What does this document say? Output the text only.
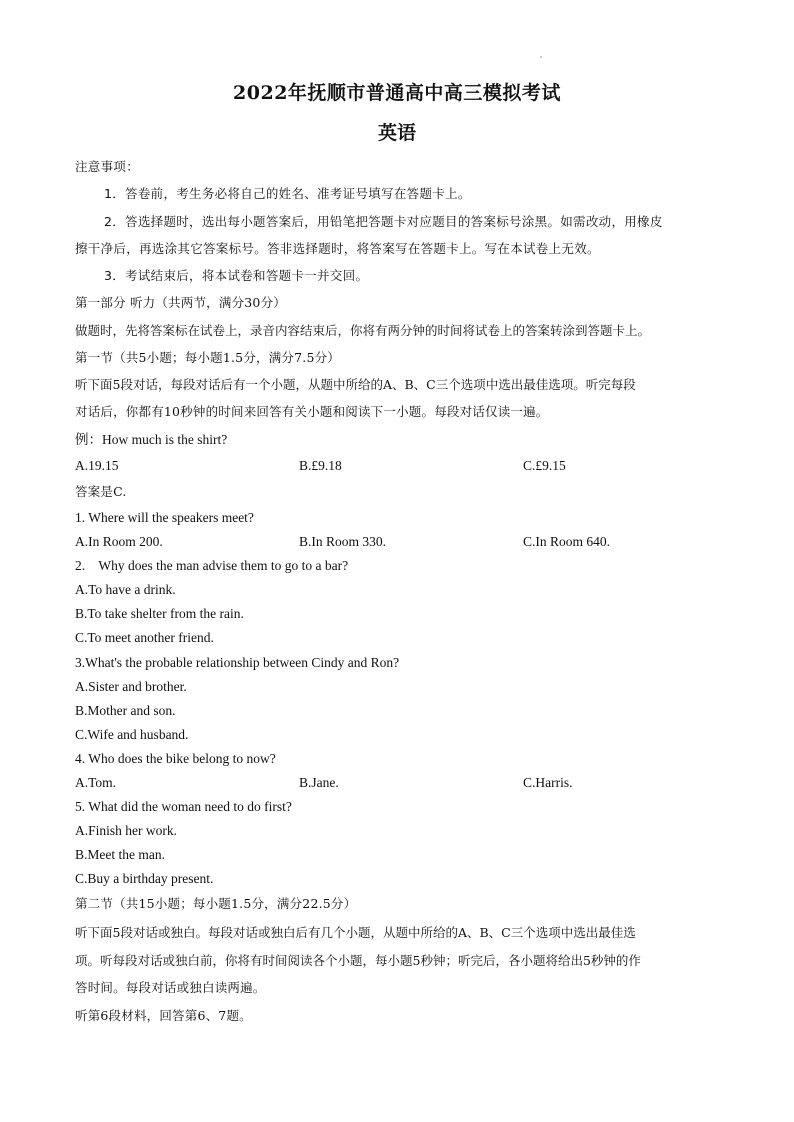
2022年抚顺市普通高中高三模拟考试
英语
注意事项：
1．答卷前，考生务必将自己的姓名、准考证号填写在答题卡上。
2．答选择题时，选出每小题答案后，用铅笔把答题卡对应题目的答案标号涂黑。如需改动，用橡皮
擦干净后，再选涂其它答案标号。答非选择题时，将答案写在答题卡上。写在本试卷上无效。
3．考试结束后，将本试卷和答题卡一并交回。
第一部分 听力（共两节，满分30分）
做题时，先将答案标在试卷上，录音内容结束后，你将有两分钟的时间将试卷上的答案转涂到答题卡上。
第一节（共5小题；每小题1.5分，满分7.5分）
听下面5段对话，每段对话后有一个小题，从题中所给的A、B、C三个选项中选出最佳选项。听完每段
对话后，你都有10秒钟的时间来回答有关小题和阅读下一小题。每段对话仅读一遍。
例：How much is the shirt?
A.19.15	B.£9.18	C.£9.15
答案是C.
1. Where will the speakers meet?
A.In Room 200.	B.In Room 330.	C.In Room 640.
2.    Why does the man advise them to go to a bar?
A.To have a drink.
B.To take shelter from the rain.
C.To meet another friend.
3.What's the probable relationship between Cindy and Ron?
A.Sister and brother.
B.Mother and son.
C.Wife and husband.
4. Who does the bike belong to now?
A.Tom.	B.Jane.	C.Harris.
5. What did the woman need to do first?
A.Finish her work.
B.Meet the man.
C.Buy a birthday present.
第二节（共15小题；每小题1.5分，满分22.5分）
听下面5段对话或独白。每段对话或独白后有几个小题，从题中所给的A、B、C三个选项中选出最佳选
项。听每段对话或独白前，你将有时间阅读各个小题，每小题5秒钟；听完后，各小题将给出5秒钟的作
答时间。每段对话或独白读两遍。
听第6段材料，回答第6、7题。
